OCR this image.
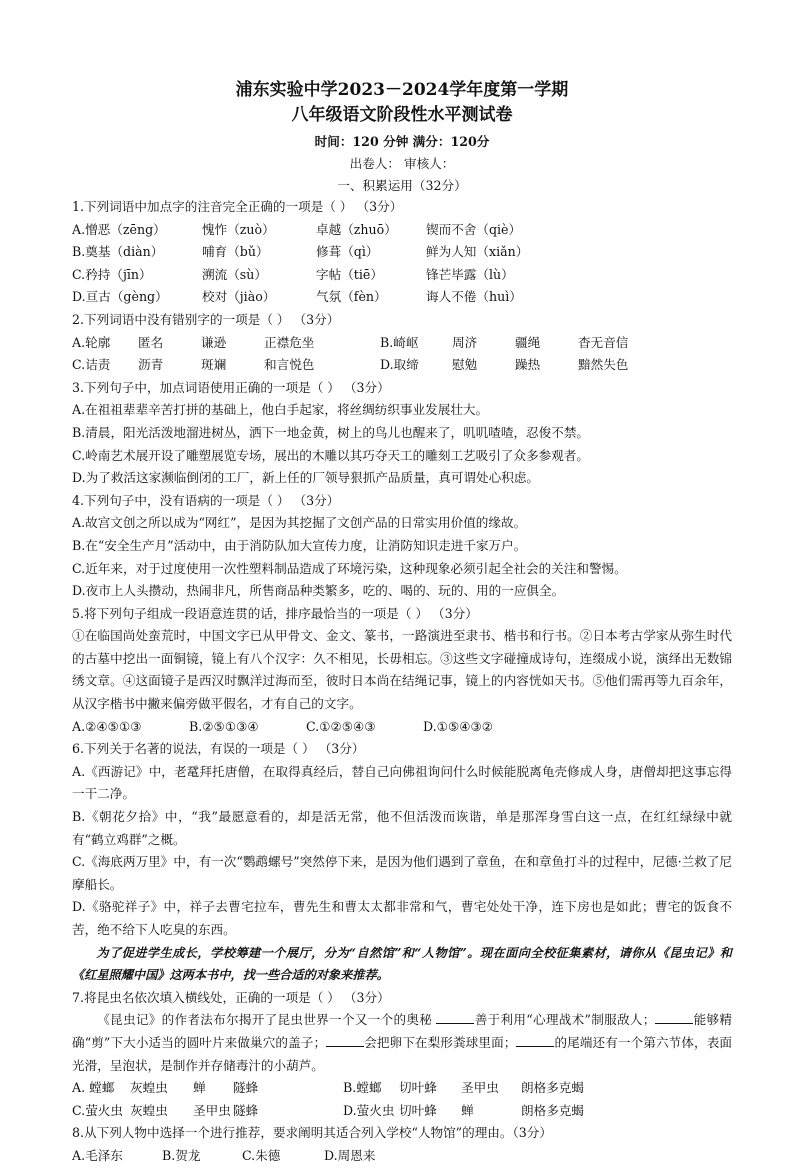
浦东实验中学2023－2024学年度第一学期
八年级语文阶段性水平测试卷
时间：120 分钟 满分：120分
出卷人： 审核人：
一、积累运用（32分）
1.下列词语中加点字的注音完全正确的一项是（ ） （3分）
A.憎恶（zēng）	愧怍（zuò）	卓越（zhuō）	锲而不舍（qiè）
B.奠基（diàn）	哺育（bǔ）	修葺（qì）	鲜为人知（xiǎn）
C.矜持（jīn）	溯流（sù）	字帖（tiē）	锋芒毕露（lù）
D.亘古（gèng）	校对（jiào）	气氛（fèn）	诲人不倦（huì）
2.下列词语中没有错别字的一项是（ ） （3分）
A.轮廓	匿名	谦逊	正襟危坐	B.崎岖	周济	疆绳	杳无音信
C.诘责	沥青	斑斓	和言悦色	D.取缔	慰勉	躁热	黯然失色
3.下列句子中，加点词语使用正确的一项是（ ） （3分）
A.在祖祖辈辈辛苦打拼的基础上，他白手起家，将丝绸纺织事业发展壮大。
B.清晨，阳光活泼地溜进树丛，洒下一地金黄，树上的鸟儿也醒来了，叽叽喳喳，忍俊不禁。
C.岭南艺术展开设了雕塑展览专场，展出的木雕以其巧夺天工的雕刻工艺吸引了众多参观者。
D.为了救活这家濒临倒闭的工厂，新上任的厂领导狠抓产品质量，真可谓处心积虑。
4.下列句子中，没有语病的一项是（ ） （3分）
A.故宫文创之所以成为“网红”，是因为其挖掘了文创产品的日常实用价值的缘故。
B.在“安全生产月”活动中，由于消防队加大宣传力度，让消防知识走进千家万户。
C.近年来，对于过度使用一次性塑料制品造成了环境污染，这种现象必须引起全社会的关注和警惕。
D.夜市上人头攒动，热闹非凡，所售商品种类繁多，吃的、喝的、玩的、用的一应俱全。
5.将下列句子组成一段语意连贯的话，排序最恰当的一项是（ ） （3分）
①在临国尚处蛮荒时，中国文字已从甲骨文、金文、篆书，一路演进至隶书、楷书和行书。②日本考古学家从弥生时代的古墓中挖出一面铜镜，镜上有八个汉字：久不相见，长毋相忘。③这些文字碰撞成诗句，连缀成小说，演绎出无数锦绣文章。④这面镜子是西汉时飘洋过海而至，彼时日本尚在结绳记事，镜上的内容恍如天书。⑤他们需再等九百余年，从汉字楷书中撇来偏旁做平假名，才有自己的文字。
A.②④⑤①③	B.②⑤①③④	C.①②⑤④③	D.①⑤④③②
6.下列关于名著的说法，有误的一项是（ ） （3分）
A.《西游记》中，老鼋拜托唐僧，在取得真经后，替自己向佛祖询问什么时候能脱离龟壳修成人身，唐僧却把这事忘得一干二净。
B.《朝花夕拾》中，“我”最愿意看的，却是活无常，他不但活泼而诙谐，单是那浑身雪白这一点，在红红绿绿中就有“鹤立鸡群”之概。
C.《海底两万里》中，有一次“鹦鹉螺号”突然停下来，是因为他们遇到了章鱼，在和章鱼打斗的过程中，尼德·兰救了尼摩船长。
D.《骆驼祥子》中，祥子去曹宅拉车，曹先生和曹太太都非常和气，曹宅处处干净，连下房也是如此；曹宅的饭食不苦，绝不给下人吃臭的东西。
为了促进学生成长，学校筹建一个展厅，分为“自然馆”和“人物馆”。现在面向全校征集素材，请你从《昆虫记》和《红星照耀中国》这两本书中，找一些合适的对象来推荐。
7.将昆虫名依次填入横线处，正确的一项是（ ） （3分）
《昆虫记》的作者法布尔揭开了昆虫世界一个又一个的奥秘	善于利用“心理战术”制服敌人；	能够精确“剪”下大小适当的圆叶片来做巢穴的盖子；	会把卵下在梨形粪球里面；	的尾端还有一个第六节体，表面光滑，呈泡状，是制作并存储毒汁的小葫芦。
A. 螳螂	灰蝗虫	蝉	隧蜂	B.螳螂	切叶蜂	圣甲虫	朗格多克蝎
C.萤火虫 灰蝗虫	圣甲虫 隧蜂	D.萤火虫 切叶蜂	蝉	朗格多克蝎
8.从下列人物中选择一个进行推荐，要求阐明其适合列入学校“人物馆”的理由。（3分）
A.毛泽东	B.贺龙	C.朱德	D.周恩来
